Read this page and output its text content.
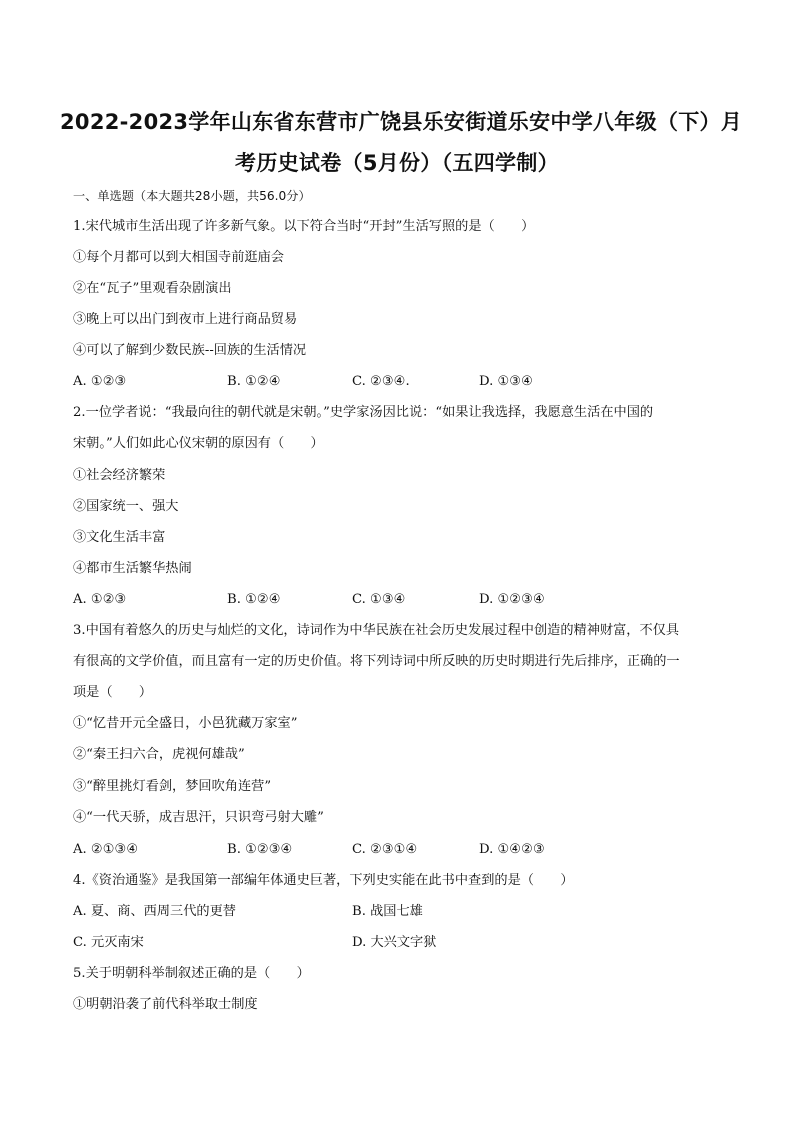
2022-2023学年山东省东营市广饶县乐安街道乐安中学八年级（下）月
考历史试卷（5月份）（五四学制）
一、单选题（本大题共28小题，共56.0分）
1.宋代城市生活出现了许多新气象。以下符合当时“开封”生活写照的是（　　）
①每个月都可以到大相国寺前逛庙会
②在“瓦子”里观看杂剧演出
③晚上可以出门到夜市上进行商品贸易
④可以了解到少数民族--回族的生活情况
A. ①②③	B. ①②④	C. ②③④.	D. ①③④
2.一位学者说：“我最向往的朝代就是宋朝。”史学家汤因比说：“如果让我选择，我愿意生活在中国的
宋朝。”人们如此心仪宋朝的原因有（　　）
①社会经济繁荣
②国家统一、强大
③文化生活丰富
④都市生活繁华热闹
A. ①②③	B. ①②④	C. ①③④	D. ①②③④
3.中国有着悠久的历史与灿烂的文化，诗词作为中华民族在社会历史发展过程中创造的精神财富，不仅具
有很高的文学价值，而且富有一定的历史价值。将下列诗词中所反映的历史时期进行先后排序，正确的一
项是（　　）
①“忆昔开元全盛日，小邑犹藏万家室”
②“秦王扫六合，虎视何雄哉”
③“醉里挑灯看剑，梦回吹角连营”
④“一代天骄，成吉思汗，只识弯弓射大雕”
A. ②①③④	B. ①②③④	C. ②③①④	D. ①④②③
4.《资治通鉴》是我国第一部编年体通史巨著，下列史实能在此书中查到的是（　　）
A. 夏、商、西周三代的更替	B. 战国七雄
C. 元灭南宋	D. 大兴文字狱
5.关于明朝科举制叙述正确的是（　　）
①明朝沿袭了前代科举取士制度
